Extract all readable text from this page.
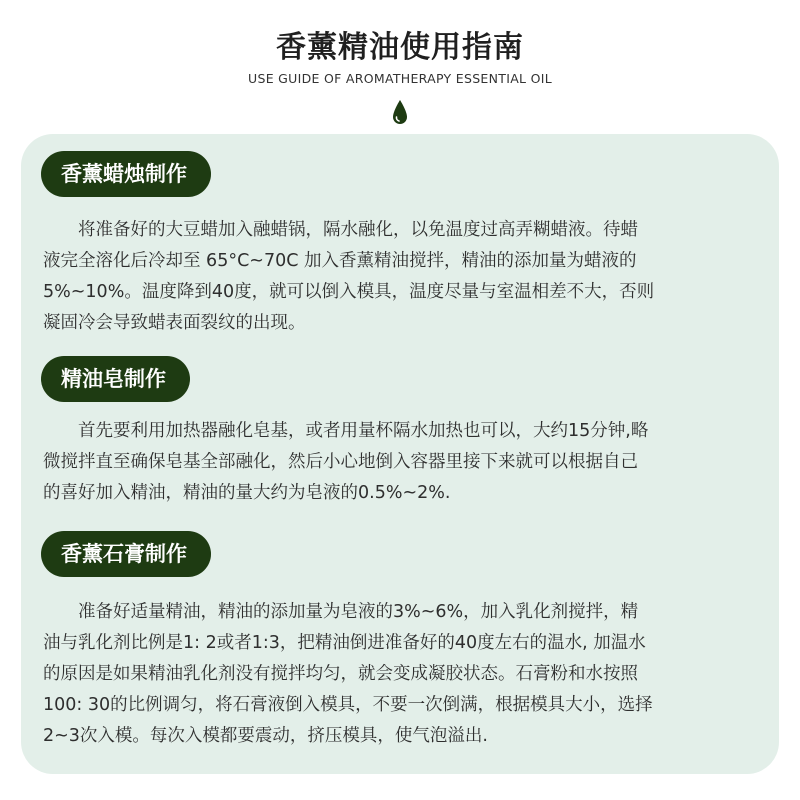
香薰精油使用指南
USE GUIDE OF AROMATHERAPY ESSENTIAL OIL
香薰蜡烛制作
　　将准备好的大豆蜡加入融蜡锅，隔水融化，以免温度过高弄糊蜡液。待蜡
液完全溶化后冷却至 65°C~70C 加入香薰精油搅拌，精油的添加量为蜡液的
5%~10%。温度降到40度，就可以倒入模具，温度尽量与室温相差不大，否则
凝固冷会导致蜡表面裂纹的出现。
精油皂制作
　　首先要利用加热器融化皂基，或者用量杯隔水加热也可以，大约15分钟,略
微搅拌直至确保皂基全部融化，然后小心地倒入容器里接下来就可以根据自己
的喜好加入精油，精油的量大约为皂液的0.5%~2%.
香薰石膏制作
　　准备好适量精油，精油的添加量为皂液的3%~6%，加入乳化剂搅拌，精
油与乳化剂比例是1: 2或者1:3，把精油倒进准备好的40度左右的温水, 加温水
的原因是如果精油乳化剂没有搅拌均匀，就会变成凝胶状态。石膏粉和水按照
100: 30的比例调匀，将石膏液倒入模具，不要一次倒满，根据模具大小，选择
2~3次入模。每次入模都要震动，挤压模具，使气泡溢出.
